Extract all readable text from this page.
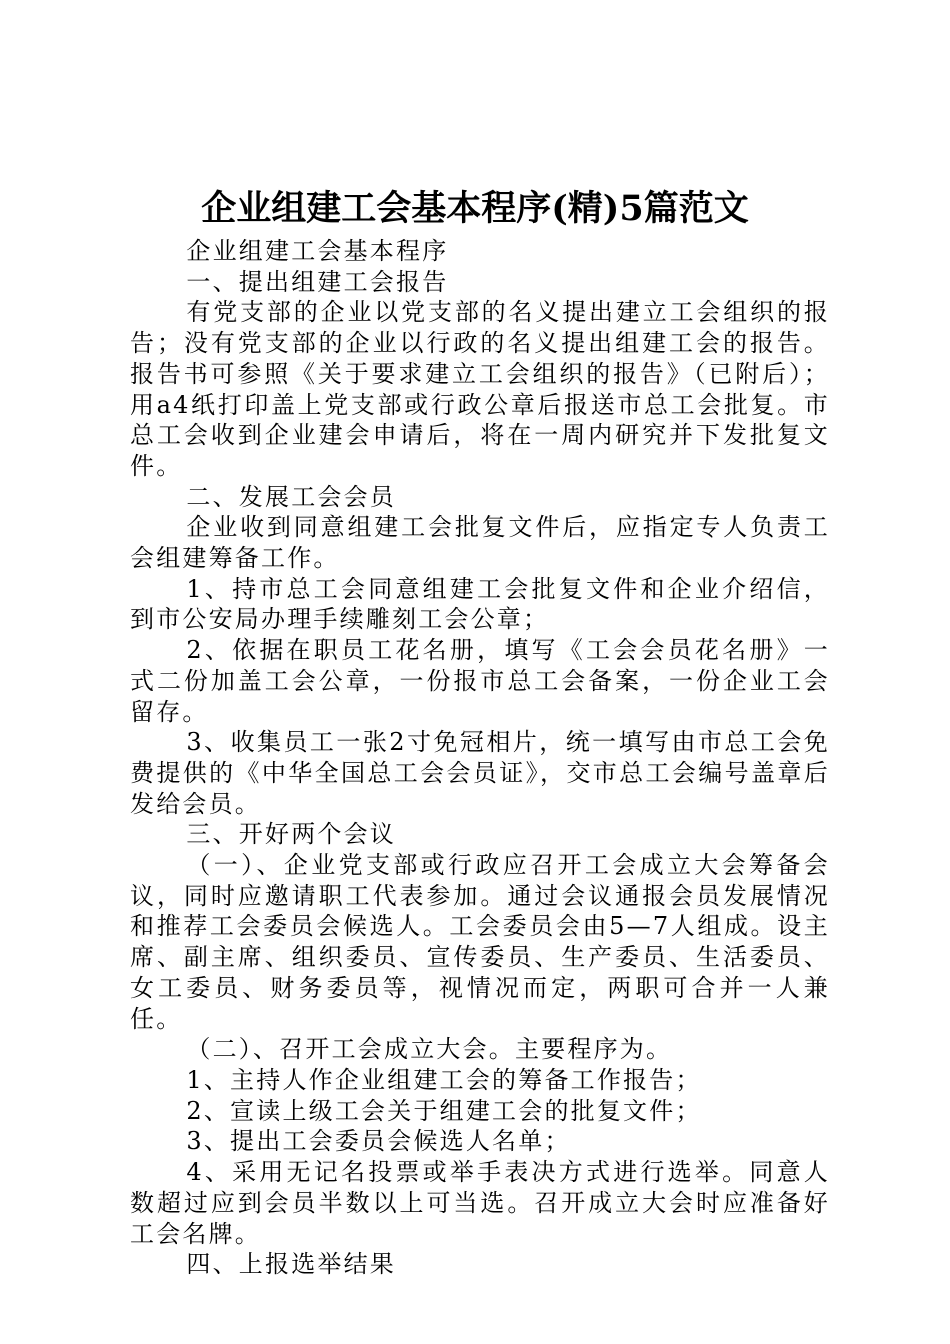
企业组建工会基本程序(精)5篇范文

企业组建工会基本程序

一、提出组建工会报告

有党支部的企业以党支部的名义提出建立工会组织的报告；没有党支部的企业以行政的名义提出组建工会的报告。报告书可参照《关于要求建立工会组织的报告》（已附后）；用a4纸打印盖上党支部或行政公章后报送市总工会批复。市总工会收到企业建会申请后，将在一周内研究并下发批复文件。

二、发展工会会员

企业收到同意组建工会批复文件后，应指定专人负责工会组建筹备工作。

1、持市总工会同意组建工会批复文件和企业介绍信，到市公安局办理手续雕刻工会公章；

2、依据在职员工花名册，填写《工会会员花名册》一式二份加盖工会公章，一份报市总工会备案，一份企业工会留存。

3、收集员工一张2寸免冠相片，统一填写由市总工会免费提供的《中华全国总工会会员证》，交市总工会编号盖章后发给会员。

三、开好两个会议

（一）、企业党支部或行政应召开工会成立大会筹备会议，同时应邀请职工代表参加。通过会议通报会员发展情况和推荐工会委员会候选人。工会委员会由5—7人组成。设主席、副主席、组织委员、宣传委员、生产委员、生活委员、女工委员、财务委员等，视情况而定，两职可合并一人兼任。

（二）、召开工会成立大会。主要程序为。

1、主持人作企业组建工会的筹备工作报告；

2、宣读上级工会关于组建工会的批复文件；

3、提出工会委员会候选人名单；

4、采用无记名投票或举手表决方式进行选举。同意人数超过应到会员半数以上可当选。召开成立大会时应准备好工会名牌。

四、上报选举结果
